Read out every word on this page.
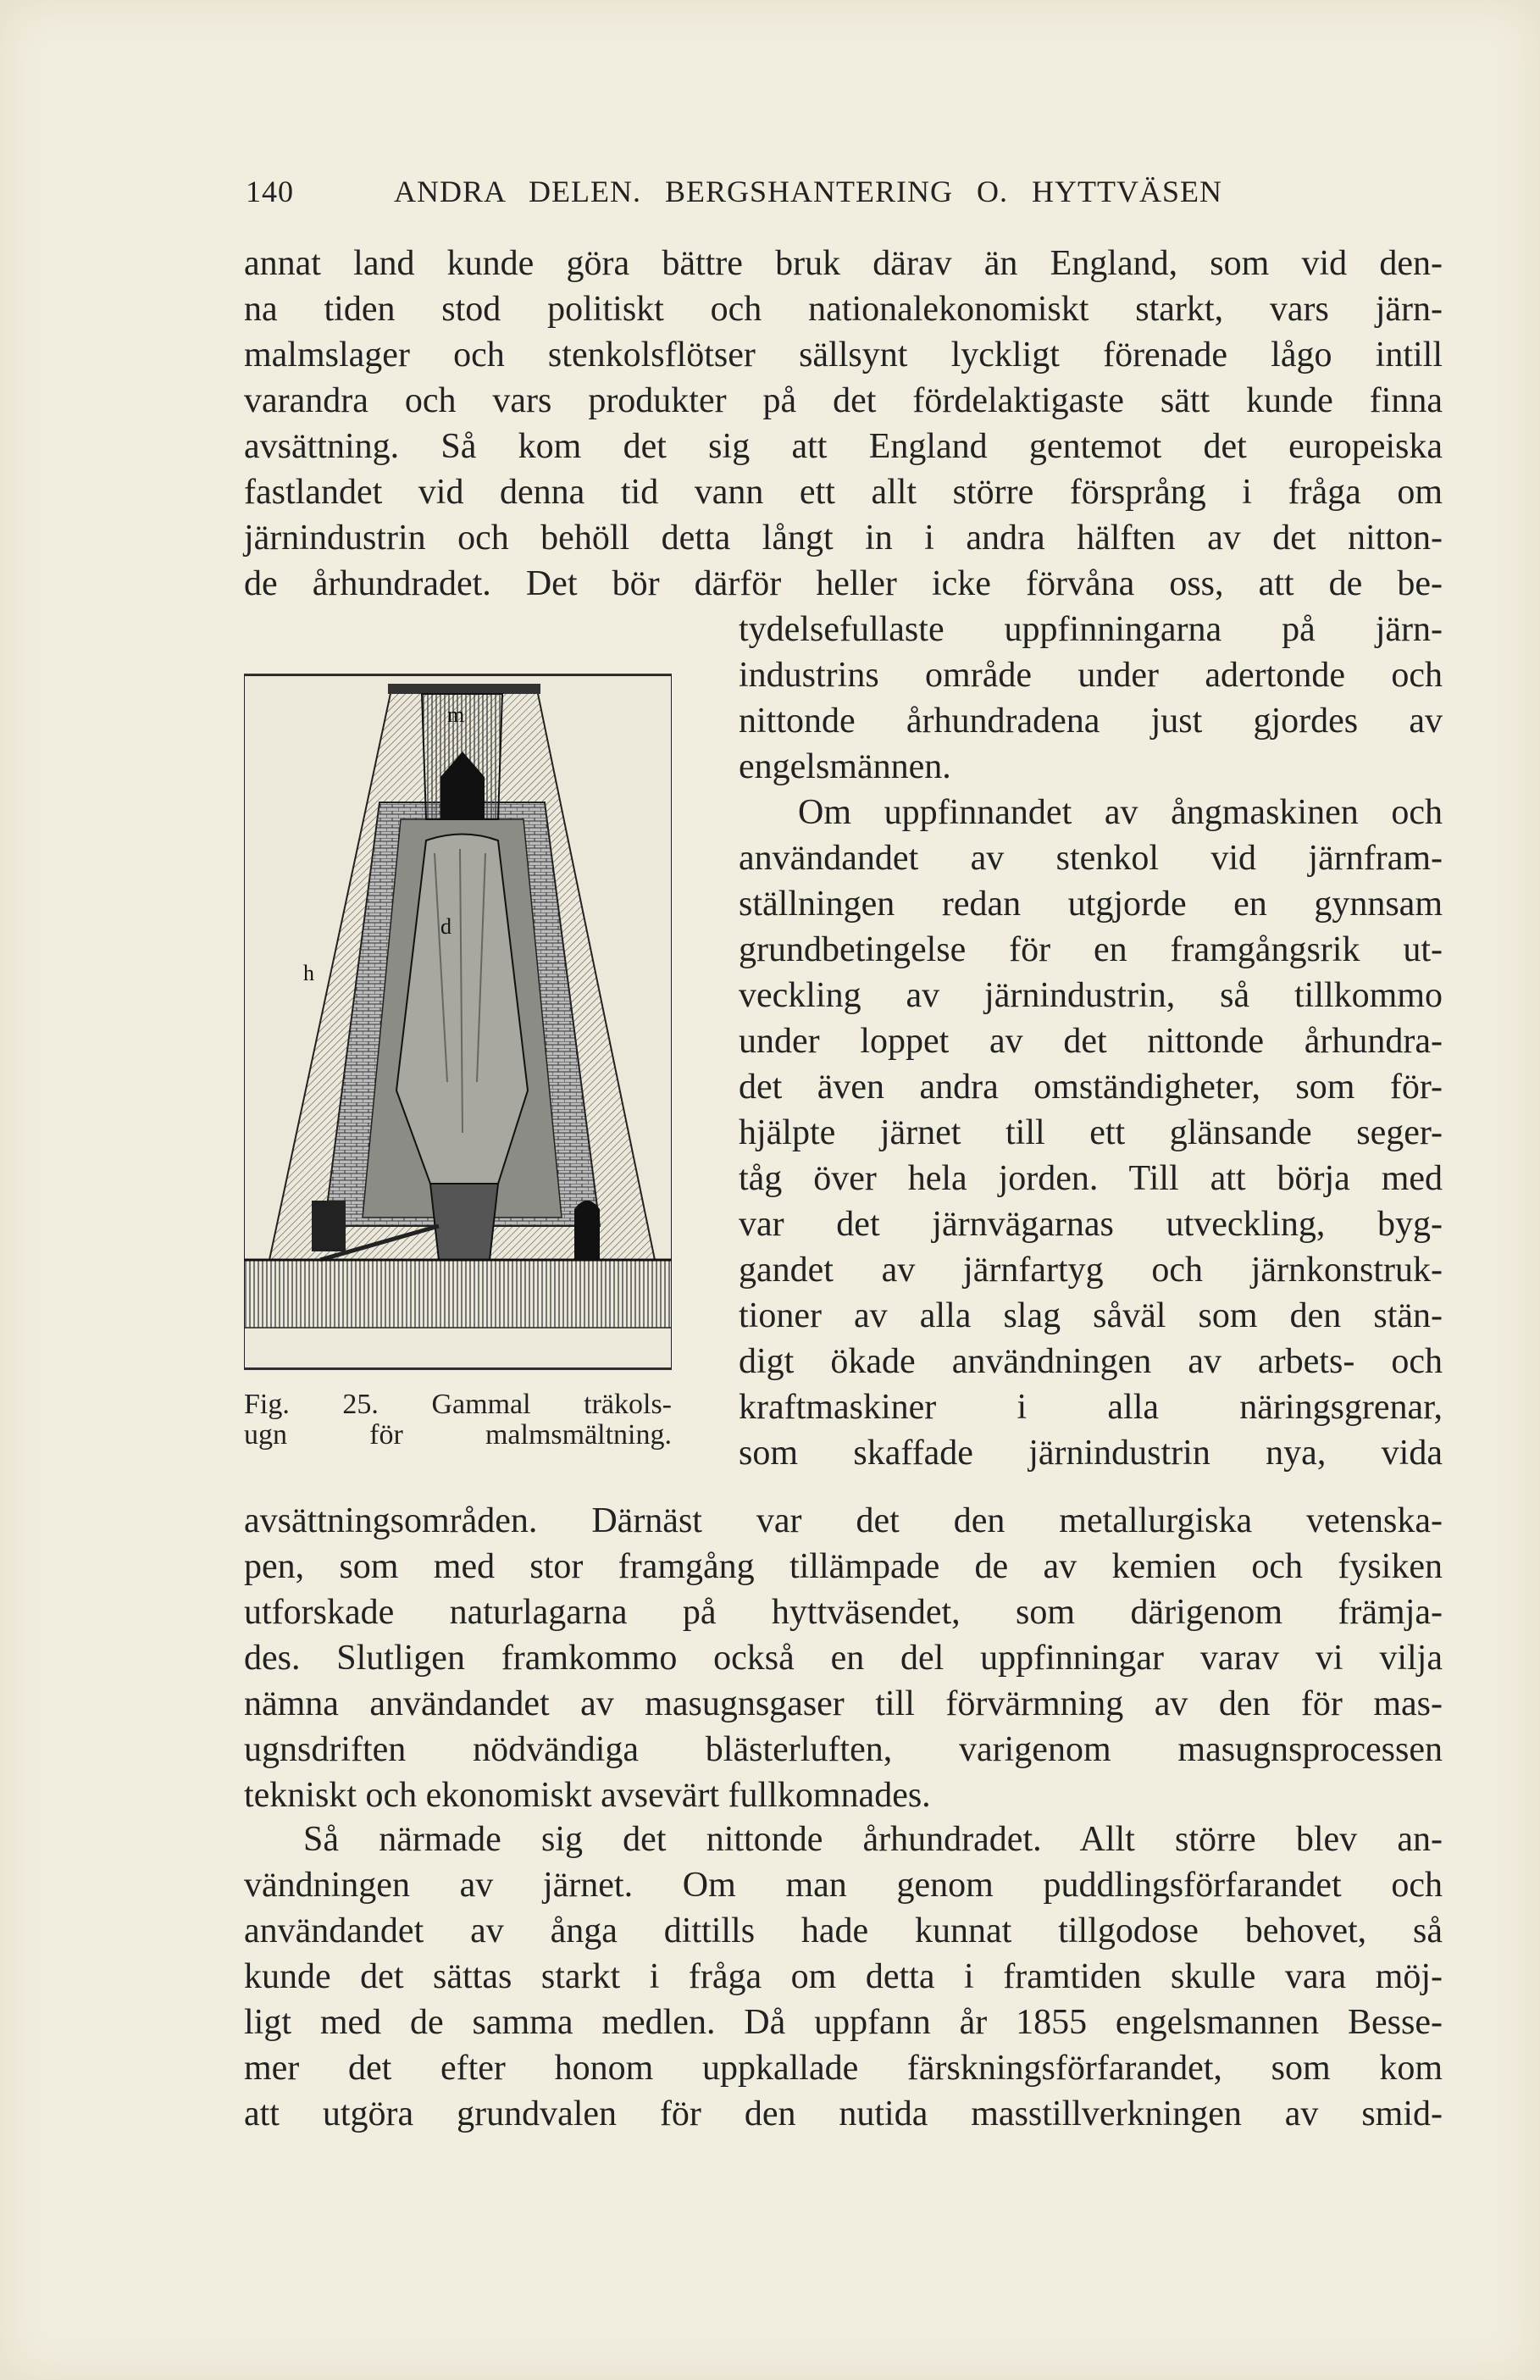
140	ANDRA DELEN. BERGSHANTERING O. HYTTVÄSEN
annat land kunde göra bättre bruk därav än England, som vid den-
na tiden stod politiskt och nationalekonomiskt starkt, vars järn-
malmslager och stenkolsflötser sällsynt lyckligt förenade lågo intill
varandra och vars produkter på det fördelaktigaste sätt kunde finna
avsättning. Så kom det sig att England gentemot det europeiska
fastlandet vid denna tid vann ett allt större försprång i fråga om
järnindustrin och behöll detta långt in i andra hälften av det nitton-
de århundradet. Det bör därför heller icke förvåna oss, att de be-
m
d
h
Fig. 25. Gammal träkols-
ugn för malmsmältning.
tydelsefullaste uppfinningarna på järn-
industrins område under adertonde och
nittonde århundradena just gjordes av
engelsmännen.
Om uppfinnandet av ångmaskinen och
användandet av stenkol vid järnfram-
ställningen redan utgjorde en gynnsam
grundbetingelse för en framgångsrik ut-
veckling av järnindustrin, så tillkommo
under loppet av det nittonde århundra-
det även andra omständigheter, som för-
hjälpte järnet till ett glänsande seger-
tåg över hela jorden. Till att börja med
var det järnvägarnas utveckling, byg-
gandet av järnfartyg och järnkonstruk-
tioner av alla slag såväl som den stän-
digt ökade användningen av arbets- och
kraftmaskiner i alla näringsgrenar,
som skaffade järnindustrin nya, vida
avsättningsområden. Därnäst var det den metallurgiska vetenska-
pen, som med stor framgång tillämpade de av kemien och fysiken
utforskade naturlagarna på hyttväsendet, som därigenom främja-
des. Slutligen framkommo också en del uppfinningar varav vi vilja
nämna användandet av masugnsgaser till förvärmning av den för mas-
ugnsdriften nödvändiga blästerluften, varigenom masugnsprocessen
tekniskt och ekonomiskt avsevärt fullkomnades.
Så närmade sig det nittonde århundradet. Allt större blev an-
vändningen av järnet. Om man genom puddlingsförfarandet och
användandet av ånga dittills hade kunnat tillgodose behovet, så
kunde det sättas starkt i fråga om detta i framtiden skulle vara möj-
ligt med de samma medlen. Då uppfann år 1855 engelsmannen Besse-
mer det efter honom uppkallade färskningsförfarandet, som kom
att utgöra grundvalen för den nutida masstillverkningen av smid-
